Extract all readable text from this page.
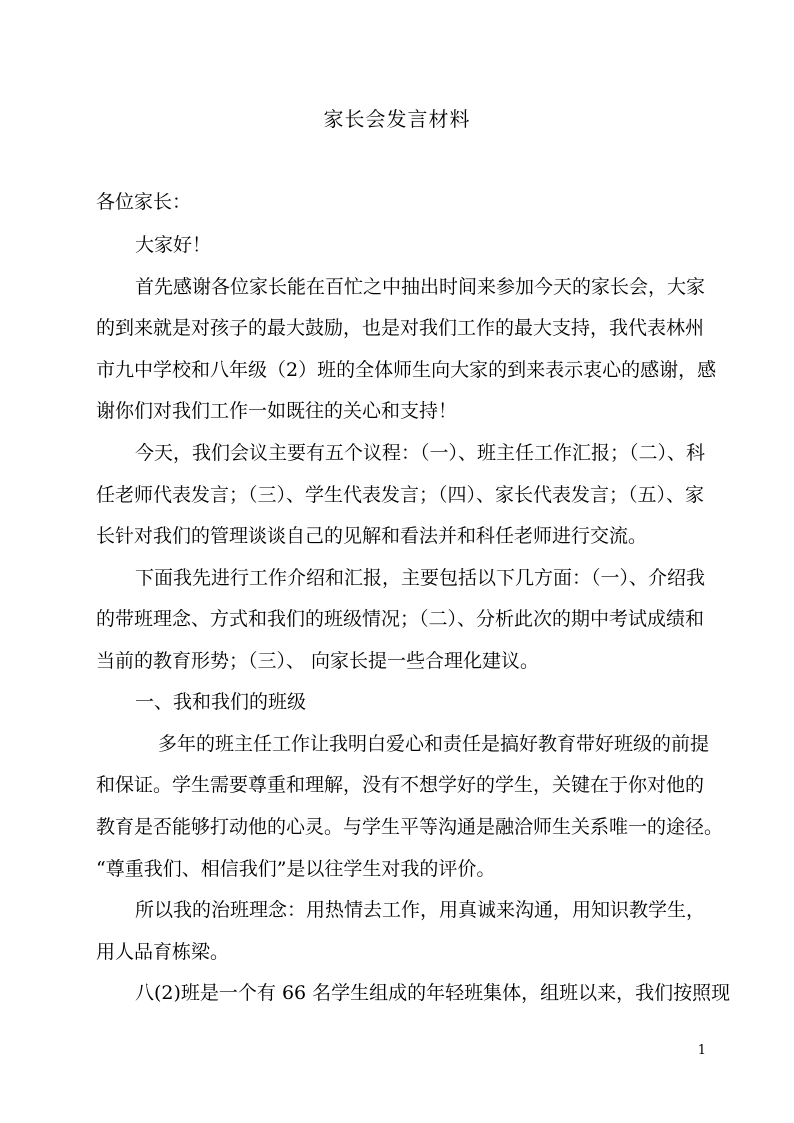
家长会发言材料
各位家长：
大家好！
首先感谢各位家长能在百忙之中抽出时间来参加今天的家长会，大家
的到来就是对孩子的最大鼓励，也是对我们工作的最大支持，我代表林州
市九中学校和八年级（2）班的全体师生向大家的到来表示衷心的感谢，感
谢你们对我们工作一如既往的关心和支持！
今天，我们会议主要有五个议程：（一）、班主任工作汇报；（二）、科
任老师代表发言；（三）、学生代表发言；（四）、家长代表发言；（五）、家
长针对我们的管理谈谈自己的见解和看法并和科任老师进行交流。
下面我先进行工作介绍和汇报，主要包括以下几方面：（一）、介绍我
的带班理念、方式和我们的班级情况；（二）、分析此次的期中考试成绩和
当前的教育形势；（三）、 向家长提一些合理化建议。
一、我和我们的班级
多年的班主任工作让我明白爱心和责任是搞好教育带好班级的前提
和保证。学生需要尊重和理解，没有不想学好的学生，关键在于你对他的
教育是否能够打动他的心灵。与学生平等沟通是融洽师生关系唯一的途径。
“尊重我们、相信我们”是以往学生对我的评价。
所以我的治班理念：用热情去工作，用真诚来沟通，用知识教学生，
用人品育栋梁。
八(2)班是一个有 66 名学生组成的年轻班集体，组班以来，我们按照现
1
